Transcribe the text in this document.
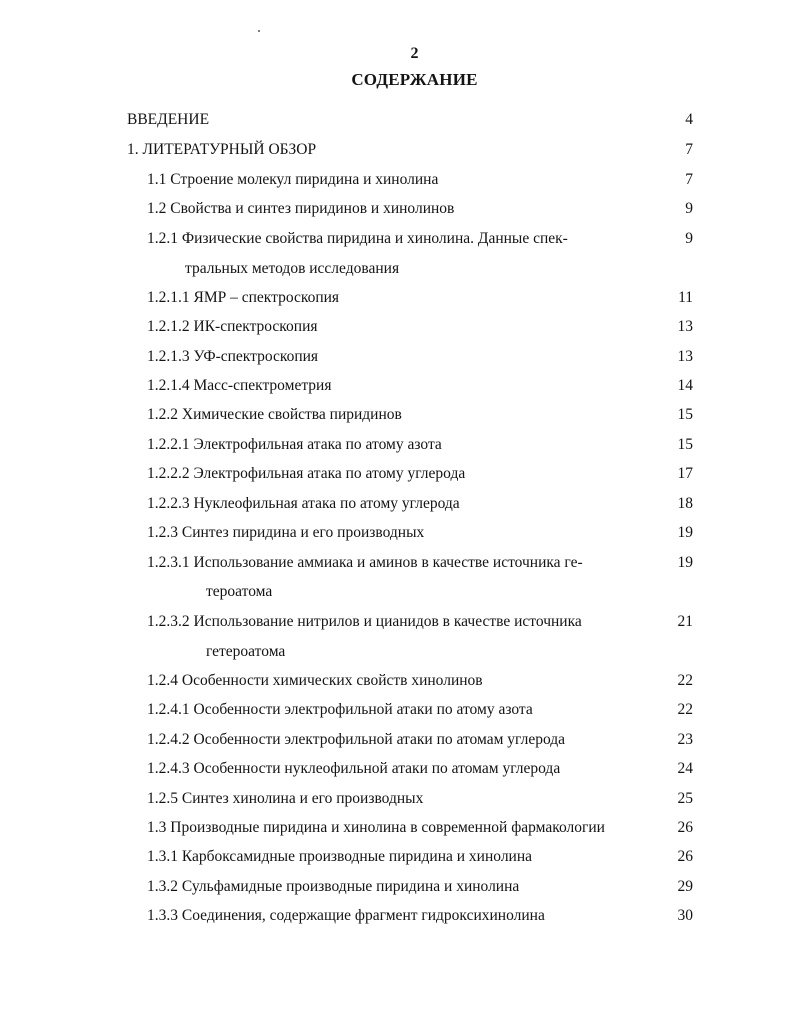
2
СОДЕРЖАНИЕ
ВВЕДЕНИЕ	4
1. ЛИТЕРАТУРНЫЙ ОБЗОР	7
1.1 Строение молекул пиридина и хинолина	7
1.2 Свойства и синтез пиридинов и хинолинов	9
1.2.1 Физические свойства пиридина и хинолина. Данные спек-	9
тральных методов исследования
1.2.1.1 ЯМР – спектроскопия	11
1.2.1.2 ИК-спектроскопия	13
1.2.1.3 УФ-спектроскопия	13
1.2.1.4 Масс-спектрометрия	14
1.2.2 Химические свойства пиридинов	15
1.2.2.1 Электрофильная атака по атому азота	15
1.2.2.2 Электрофильная атака по атому углерода	17
1.2.2.3 Нуклеофильная атака по атому углерода	18
1.2.3 Синтез пиридина и его производных	19
1.2.3.1 Использование аммиака и аминов в качестве источника ге-	19
тероатома
1.2.3.2 Использование нитрилов и цианидов в качестве источника	21
гетероатома
1.2.4 Особенности химических свойств хинолинов	22
1.2.4.1 Особенности электрофильной атаки по атому азота	22
1.2.4.2 Особенности электрофильной атаки по атомам углерода	23
1.2.4.3 Особенности нуклеофильной атаки по атомам углерода	24
1.2.5 Синтез хинолина и его производных	25
1.3 Производные пиридина и хинолина в современной фармакологии	26
1.3.1 Карбоксамидные производные пиридина и хинолина	26
1.3.2 Сульфамидные производные пиридина и хинолина	29
1.3.3 Соединения, содержащие фрагмент гидроксихинолина	30
